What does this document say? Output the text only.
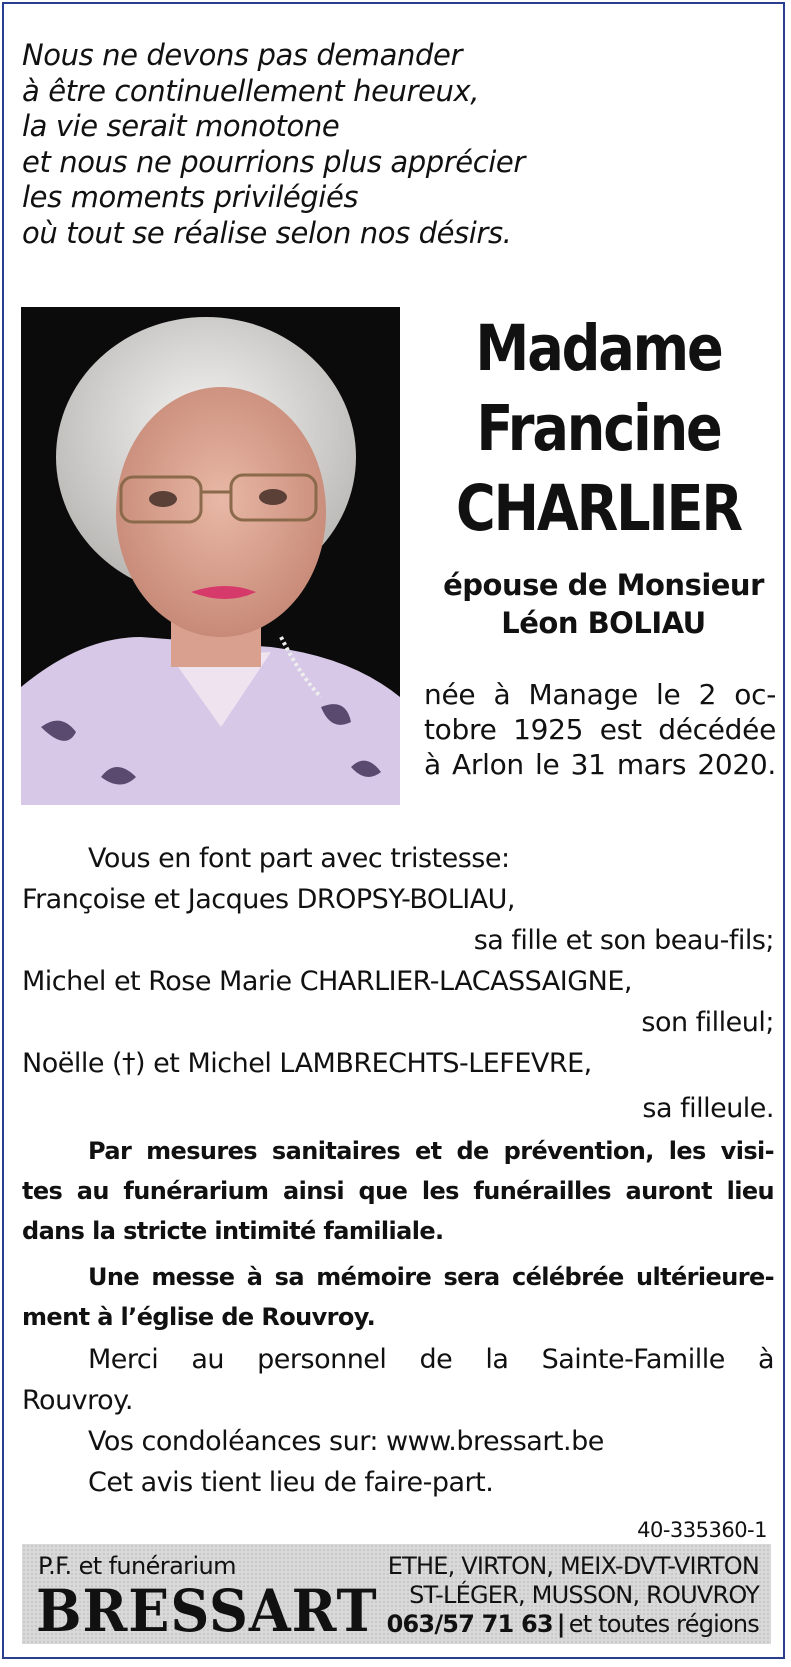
Nous ne devons pas demander
à être continuellement heureux,
la vie serait monotone
et nous ne pourrions plus apprécier
les moments privilégiés
où tout se réalise selon nos désirs.
Madame
Francine
CHARLIER
épouse de Monsieur
Léon BOLIAU
née à Manage le 2 oc-
tobre 1925 est décédée
à Arlon le 31 mars 2020.
Vous en font part avec tristesse:
Françoise et Jacques DROPSY-BOLIAU,
sa fille et son beau-fils;
Michel et Rose Marie CHARLIER-LACASSAIGNE,
son filleul;
Noëlle (†) et Michel LAMBRECHTS-LEFEVRE,
sa filleule.
Par mesures sanitaires et de prévention, les visi-
tes au funérarium ainsi que les funérailles auront lieu
dans la stricte intimité familiale.
Une messe à sa mémoire sera célébrée ultérieure-
ment à l’église de Rouvroy.
Merci au personnel de la Sainte-Famille à
Rouvroy.
Vos condoléances sur: www.bressart.be
Cet avis tient lieu de faire-part.
40-335360-1
P.F. et funérarium
BRESSART
ETHE, VIRTON, MEIX-DVT-VIRTON
ST-LÉGER, MUSSON, ROUVROY
063/57 71 63 | et toutes régions
